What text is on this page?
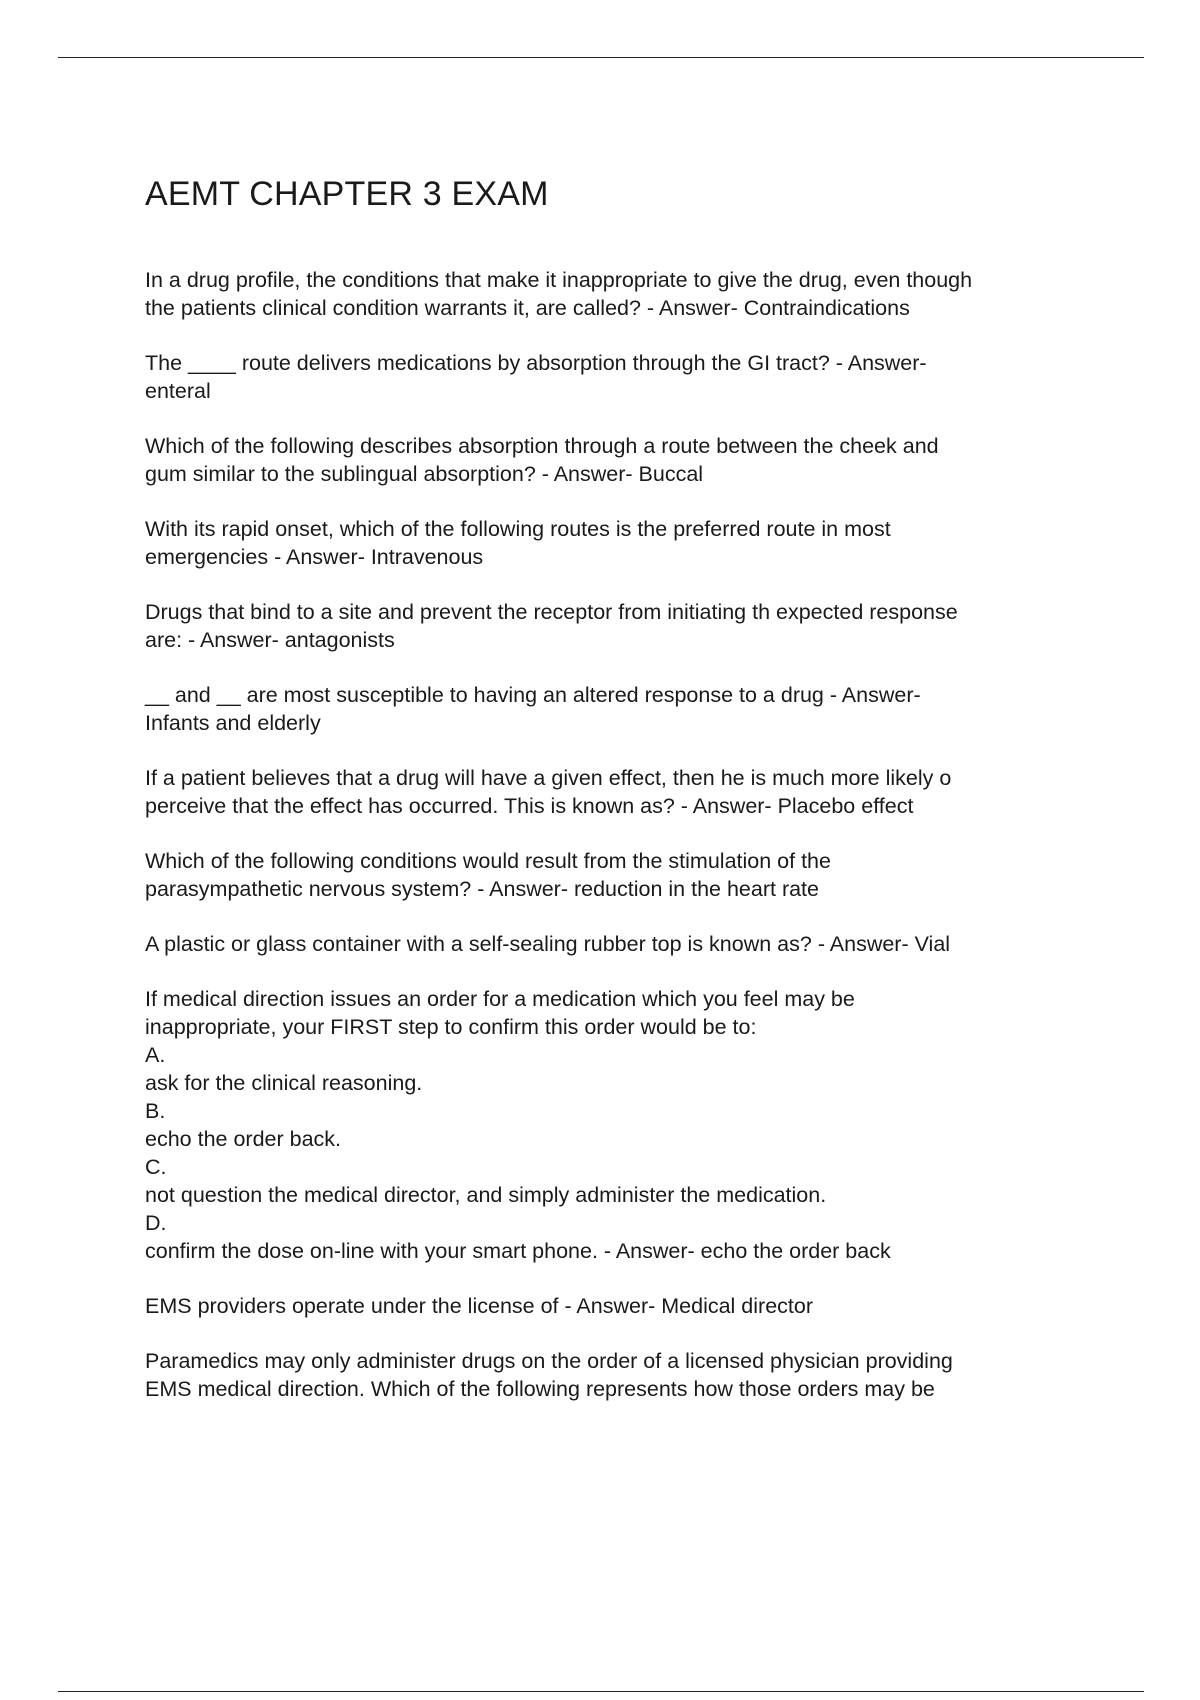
AEMT CHAPTER 3 EXAM

In a drug profile, the conditions that make it inappropriate to give the drug, even though
the patients clinical condition warrants it, are called? - Answer- Contraindications

The ____ route delivers medications by absorption through the GI tract? - Answer-
enteral

Which of the following describes absorption through a route between the cheek and
gum similar to the sublingual absorption? - Answer- Buccal

With its rapid onset, which of the following routes is the preferred route in most
emergencies - Answer- Intravenous

Drugs that bind to a site and prevent the receptor from initiating th expected response
are: - Answer- antagonists

__ and __ are most susceptible to having an altered response to a drug - Answer-
Infants and elderly

If a patient believes that a drug will have a given effect, then he is much more likely o
perceive that the effect has occurred. This is known as? - Answer- Placebo effect

Which of the following conditions would result from the stimulation of the
parasympathetic nervous system? - Answer- reduction in the heart rate

A plastic or glass container with a self-sealing rubber top is known as? - Answer- Vial

If medical direction issues an order for a medication which you feel may be
inappropriate, your FIRST step to confirm this order would be to:
A.
ask for the clinical reasoning.
B.
echo the order back.
C.
not question the medical director, and simply administer the medication.
D.
confirm the dose on-line with your smart phone. - Answer- echo the order back

EMS providers operate under the license of - Answer- Medical director

Paramedics may only administer drugs on the order of a licensed physician providing
EMS medical direction. Which of the following represents how those orders may be
